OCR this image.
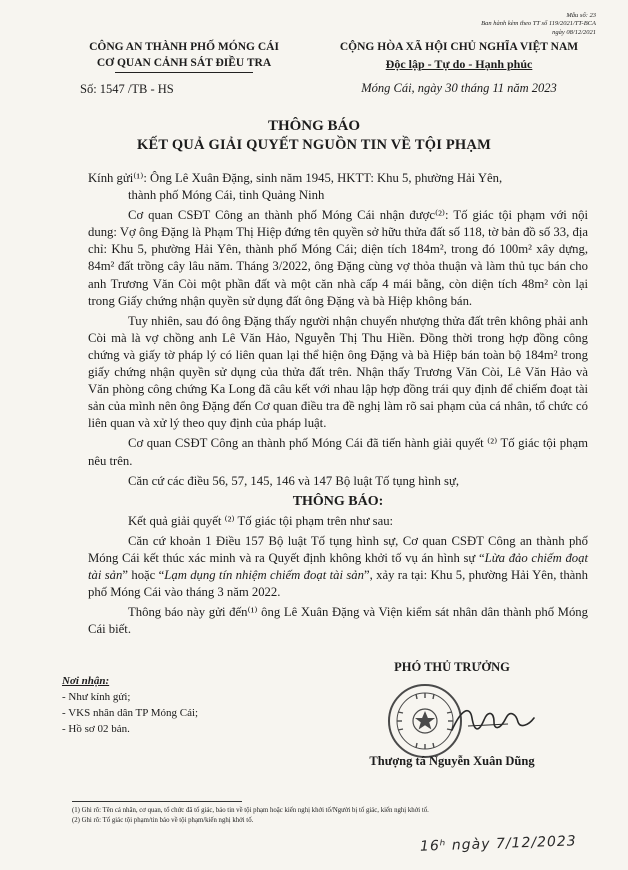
Mẫu số: 23
Ban hành kèm theo TT số 119/2021/TT-BCA
ngày 08/12/2021
CÔNG AN THÀNH PHỐ MÓNG CÁI
CƠ QUAN CẢNH SÁT ĐIỀU TRA
Số: 1547 /TB - HS
CỘNG HÒA XÃ HỘI CHỦ NGHĨA VIỆT NAM
Độc lập - Tự do - Hạnh phúc
Móng Cái, ngày 30 tháng 11 năm 2023
THÔNG BÁO
KẾT QUẢ GIẢI QUYẾT NGUỒN TIN VỀ TỘI PHẠM

Kính gửi⁽¹⁾: Ông Lê Xuân Đặng, sinh năm 1945, HKTT: Khu 5, phường Hải Yên,
thành phố Móng Cái, tỉnh Quảng Ninh

Cơ quan CSĐT Công an thành phố Móng Cái nhận được⁽²⁾: Tố giác tội phạm với nội dung: Vợ ông Đặng là Phạm Thị Hiệp đứng tên quyền sở hữu thửa đất số 118, tờ bản đồ số 33, địa chỉ: Khu 5, phường Hải Yên, thành phố Móng Cái; diện tích 184m², trong đó 100m² xây dựng, 84m² đất trồng cây lâu năm. Tháng 3/2022, ông Đặng cùng vợ thỏa thuận và làm thủ tục bán cho anh Trương Văn Còi một phần đất và một căn nhà cấp 4 mái bằng, còn diện tích 48m² còn lại trong Giấy chứng nhận quyền sử dụng đất ông Đặng và bà Hiệp không bán.

Tuy nhiên, sau đó ông Đặng thấy người nhận chuyển nhượng thửa đất trên không phải anh Còi mà là vợ chồng anh Lê Văn Hảo, Nguyễn Thị Thu Hiền. Đồng thời trong hợp đồng công chứng và giấy tờ pháp lý có liên quan lại thể hiện ông Đặng và bà Hiệp bán toàn bộ 184m² trong giấy chứng nhận quyền sử dụng của thửa đất trên. Nhận thấy Trương Văn Còi, Lê Văn Hảo và Văn phòng công chứng Ka Long đã câu kết với nhau lập hợp đồng trái quy định để chiếm đoạt tài sản của mình nên ông Đặng đến Cơ quan điều tra đề nghị làm rõ sai phạm của cá nhân, tổ chức có liên quan và xử lý theo quy định của pháp luật.

Cơ quan CSĐT Công an thành phố Móng Cái đã tiến hành giải quyết ⁽²⁾ Tố giác tội phạm nêu trên.

Căn cứ các điều 56, 57, 145, 146 và 147 Bộ luật Tố tụng hình sự,

THÔNG BÁO:

Kết quả giải quyết ⁽²⁾ Tố giác tội phạm trên như sau:

Căn cứ khoản 1 Điều 157 Bộ luật Tố tụng hình sự, Cơ quan CSĐT Công an thành phố Móng Cái kết thúc xác minh và ra Quyết định không khởi tố vụ án hình sự “Lừa đảo chiếm đoạt tài sản” hoặc “Lạm dụng tín nhiệm chiếm đoạt tài sản”, xảy ra tại: Khu 5, phường Hải Yên, thành phố Móng Cái vào tháng 3 năm 2022.

Thông báo này gửi đến⁽¹⁾ ông Lê Xuân Đặng và Viện kiểm sát nhân dân thành phố Móng Cái biết.

Nơi nhận:
- Như kính gửi;
- VKS nhân dân TP Móng Cái;
- Hồ sơ 02 bản.
PHÓ THỦ TRƯỞNG
Thượng tá Nguyễn Xuân Dũng
(1) Ghi rõ: Tên cá nhân, cơ quan, tổ chức đã tố giác, báo tin về tội phạm hoặc kiến nghị khởi tố/Người bị tố giác, kiến nghị khởi tố.
(2) Ghi rõ: Tố giác tội phạm/tin báo về tội phạm/kiến nghị khởi tố.
16ʰ ngày 7/12/2023
